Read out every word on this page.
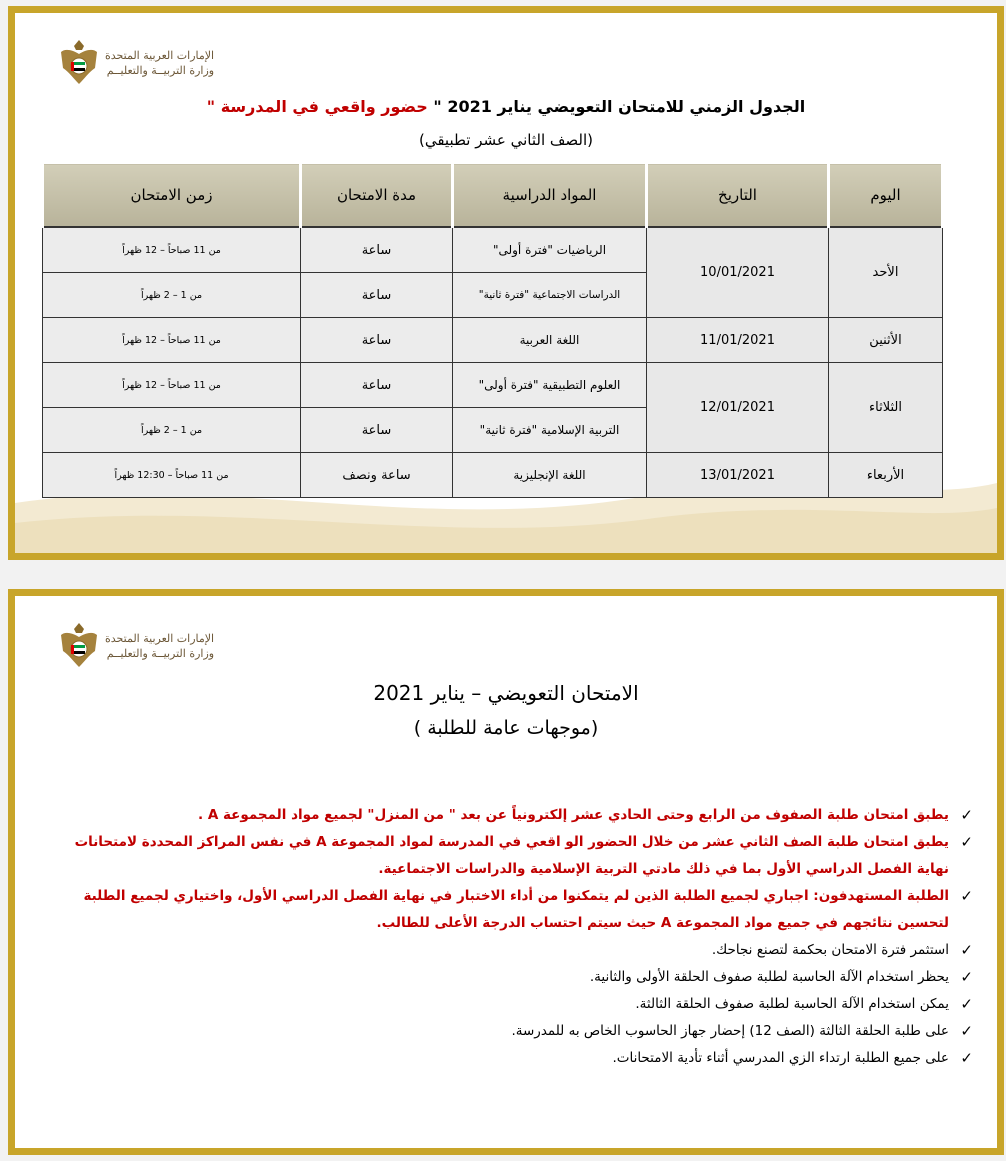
الإمارات العربية المتحدة
وزارة التربيــة والتعليــم
الجدول الزمني للامتحان التعويضي يناير 2021 " حضور واقعي في المدرسة "
(الصف الثاني عشر تطبيقي)
اليوم	التاريخ	المواد الدراسية	مدة الامتحان	زمن الامتحان
الأحد	10/01/2021	الرياضيات "فترة أولى"	ساعة	من 11 صباحاً – 12 ظهراً
		الدراسات الاجتماعية "فترة ثانية"	ساعة	من 1 – 2 ظهراً
الأثنين	11/01/2021	اللغة العربية	ساعة	من 11 صباحاً – 12 ظهراً
الثلاثاء	12/01/2021	العلوم التطبيقية "فترة أولى"	ساعة	من 11 صباحاً – 12 ظهراً
		التربية الإسلامية "فترة ثانية"	ساعة	من 1 – 2 ظهراً
الأربعاء	13/01/2021	اللغة الإنجليزية	ساعة ونصف	من 11 صباحاً – 12:30 ظهراً
الإمارات العربية المتحدة
وزارة التربيــة والتعليــم
الامتحان التعويضي – يناير 2021
(موجهات عامة للطلبة )
✓
يطبق امتحان طلبة الصفوف من الرابع وحتى الحادي عشر إلكترونياً عن بعد " من المنزل" لجميع مواد المجموعة A .
✓
يطبق امتحان طلبة الصف الثاني عشر من خلال الحضور الو اقعي في المدرسة لمواد المجموعة A في نفس المراكز المحددة لامتحانات نهاية الفصل الدراسي الأول بما في ذلك مادتي التربية الإسلامية والدراسات الاجتماعية.
✓
الطلبة المستهدفون: اجباري لجميع الطلبة الذين لم يتمكنوا من أداء الاختبار في نهاية الفصل الدراسي الأول، واختياري لجميع الطلبة لتحسين نتائجهم في جميع مواد المجموعة A حيث سيتم احتساب الدرجة الأعلى للطالب.
✓
استثمر فترة الامتحان بحكمة لتصنع نجاحك.
✓
يحظر استخدام الآلة الحاسبة لطلبة صفوف الحلقة الأولى والثانية.
✓
يمكن استخدام الآلة الحاسبة لطلبة صفوف الحلقة الثالثة.
✓
على طلبة الحلقة الثالثة (الصف 12) إحضار جهاز الحاسوب الخاص به للمدرسة.
✓
على جميع الطلبة ارتداء الزي المدرسي أثناء تأدية الامتحانات.
